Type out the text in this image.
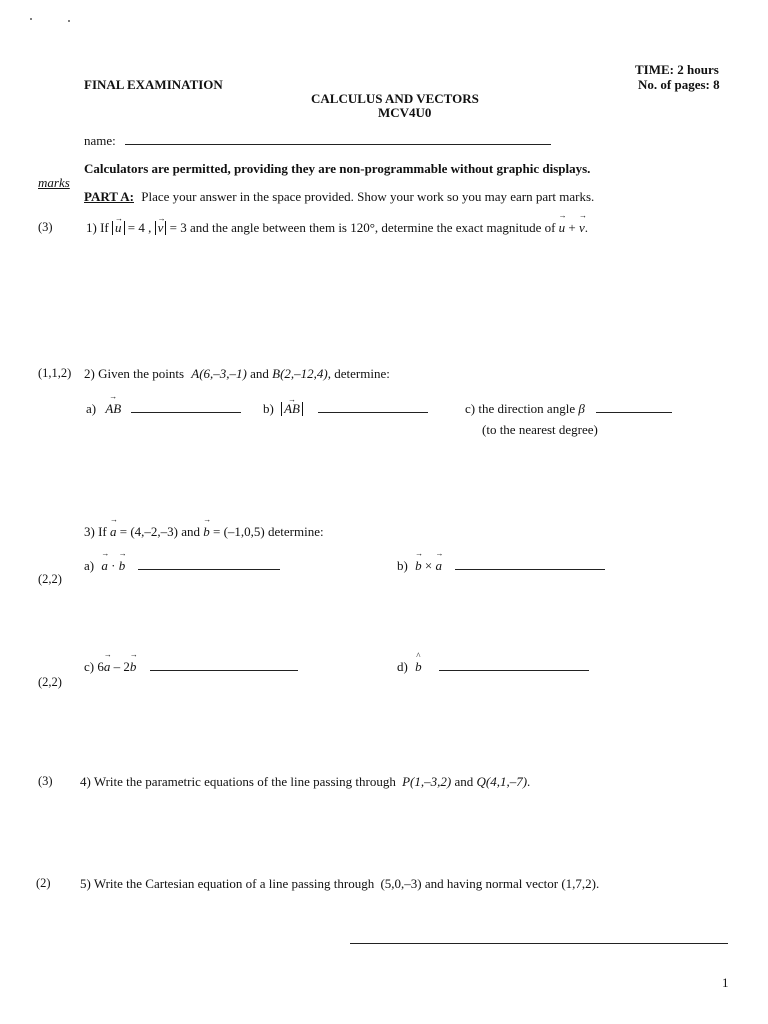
TIME: 2 hours
No. of pages: 8
FINAL EXAMINATION
CALCULUS AND VECTORS
MCV4U0
name:
Calculators are permitted, providing they are non-programmable without graphic displays.
marks
PART A: Place your answer in the space provided. Show your work so you may earn part marks.
(3)	1) If → u = 4 , → v = 3 and the angle between them is 120°, determine the exact magnitude of → u + → v.
(1,1,2) 2) Given the points A(6,–3,–1) and B(2,–12,4), determine:
a) → AB	b) → AB	c) the direction angle β
(to the nearest degree)
3) If → a = (4,–2,–3) and → b = (–1,0,5) determine:
a) → a · → b	b) → b × → a
(2,2)
c) 6→ a – 2→ b	d) ^ b
(2,2)
(3) 4) Write the parametric equations of the line passing through P(1,–3,2) and Q(4,1,–7).
(2) 5) Write the Cartesian equation of a line passing through (5,0,–3) and having normal vector (1,7,2).
1
